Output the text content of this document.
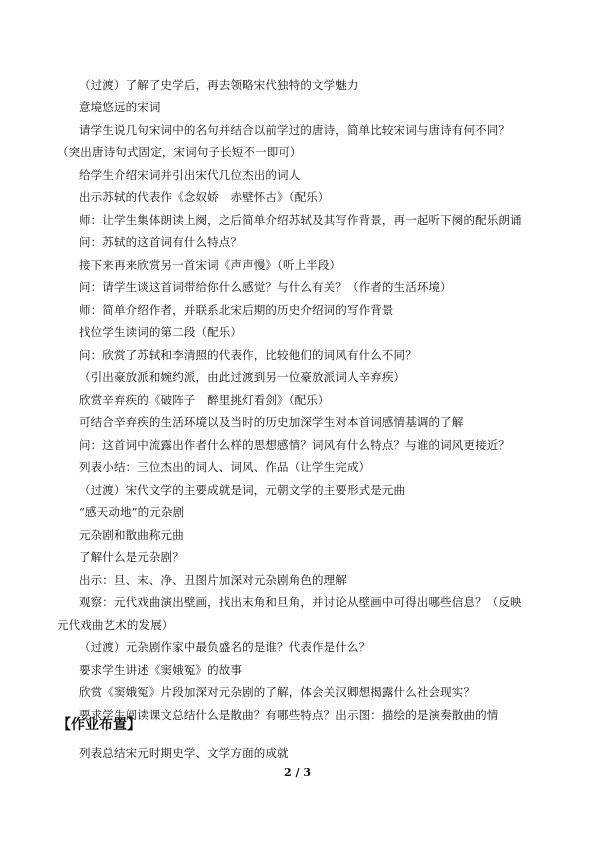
（过渡）了解了史学后，再去领略宋代独特的文学魅力
意境悠远的宋词
请学生说几句宋词中的名句并结合以前学过的唐诗，简单比较宋词与唐诗有何不同？
（突出唐诗句式固定，宋词句子长短不一即可）
给学生介绍宋词并引出宋代几位杰出的词人
出示苏轼的代表作《念奴娇　赤壁怀古》（配乐）
师：让学生集体朗读上阕，之后简单介绍苏轼及其写作背景，再一起听下阕的配乐朗诵
问：苏轼的这首词有什么特点？
接下来再来欣赏另一首宋词《声声慢》（听上半段）
问：请学生谈这首词带给你什么感觉？与什么有关？（作者的生活环境）
师：简单介绍作者，并联系北宋后期的历史介绍词的写作背景
找位学生读词的第二段（配乐）
问：欣赏了苏轼和李清照的代表作，比较他们的词风有什么不同？
（引出豪放派和婉约派，由此过渡到另一位豪放派词人辛弃疾）
欣赏辛弃疾的《破阵子　醉里挑灯看剑》（配乐）
可结合辛弃疾的生活环境以及当时的历史加深学生对本首词感情基调的了解
问：这首词中流露出作者什么样的思想感情？词风有什么特点？与谁的词风更接近？
列表小结：三位杰出的词人、词风、作品（让学生完成）
（过渡）宋代文学的主要成就是词，元朝文学的主要形式是元曲
“感天动地”的元杂剧
元杂剧和散曲称元曲
了解什么是元杂剧？
出示：旦、末、净、丑图片加深对元杂剧角色的理解
观察：元代戏曲演出壁画，找出末角和旦角，并讨论从壁画中可得出哪些信息？（反映
元代戏曲艺术的发展）
（过渡）元杂剧作家中最负盛名的是谁？代表作是什么？
要求学生讲述《窦娥冤》的故事
欣赏《窦娥冤》片段加深对元杂剧的了解，体会关汉卿想揭露什么社会现实？
要求学生阅读课文总结什么是散曲？有哪些特点？出示图：描绘的是演奏散曲的情
【作业布置】
列表总结宋元时期史学、文学方面的成就
2 / 3
